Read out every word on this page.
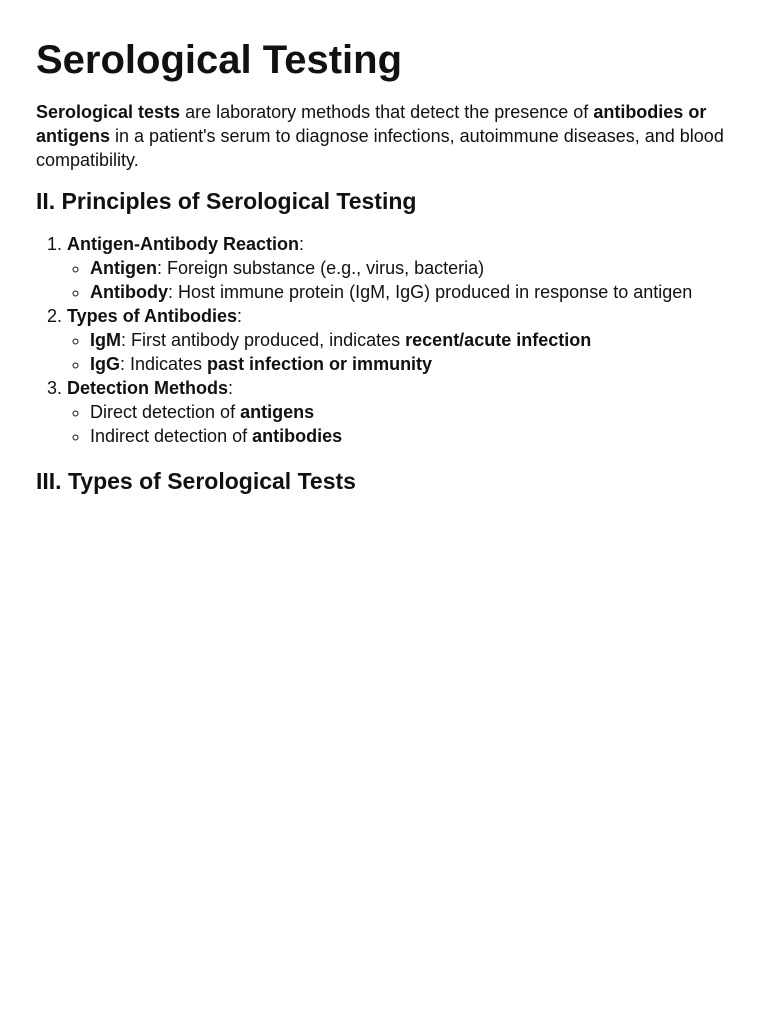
Serological Testing

Serological tests are laboratory methods that detect the presence of antibodies or antigens in a patient's serum to diagnose infections, autoimmune diseases, and blood compatibility.

II. Principles of Serological Testing
1. Antigen-Antibody Reaction:
◦ Antigen: Foreign substance (e.g., virus, bacteria)
◦ Antibody: Host immune protein (IgM, IgG) produced in response to antigen
2. Types of Antibodies:
◦ IgM: First antibody produced, indicates recent/acute infection
◦ IgG: Indicates past infection or immunity
3. Detection Methods:
◦ Direct detection of antigens
◦ Indirect detection of antibodies
III. Types of Serological Tests
